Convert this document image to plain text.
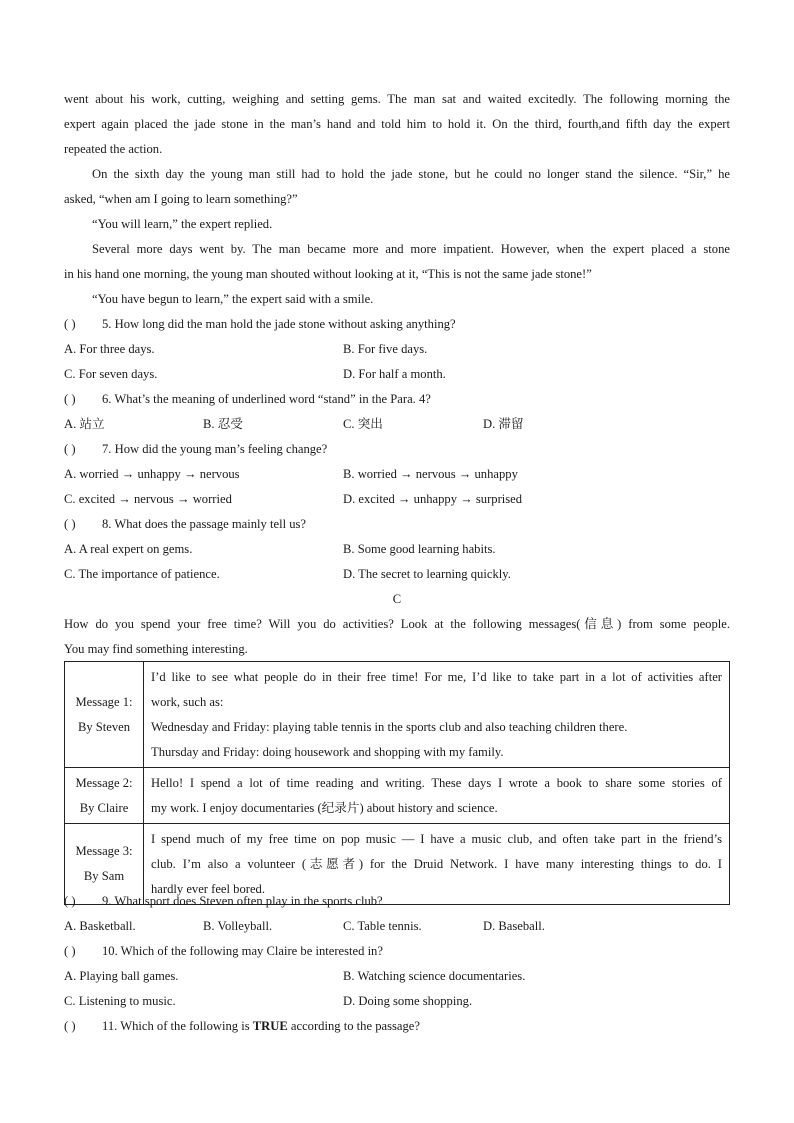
went about his work, cutting, weighing and setting gems. The man sat and waited excitedly. The following morning the
expert again placed the jade stone in the man’s hand and told him to hold it. On the third, fourth,and fifth day the expert
repeated the action.
On the sixth day the young man still had to hold the jade stone, but he could no longer stand the silence. “Sir,” he
asked, “when am I going to learn something?”
“You will learn,” the expert replied.
Several more days went by. The man became more and more impatient. However, when the expert placed a stone
in his hand one morning, the young man shouted without looking at it, “This is not the same jade stone!”
“You have begun to learn,” the expert said with a smile.
( ) 5. How long did the man hold the jade stone without asking anything?
A. For three days.	B. For five days.
C. For seven days.	D. For half a month.
( ) 6. What’s the meaning of underlined word “stand” in the Para. 4?
A. 站立	B. 忍受	C. 突出	D. 滞留
( ) 7. How did the young man’s feeling change?
A. worried → unhappy → nervous	B. worried → nervous → unhappy
C. excited → nervous → worried	D. excited → unhappy → surprised
( ) 8. What does the passage mainly tell us?
A. A real expert on gems.	B. Some good learning habits.
C. The importance of patience.	D. The secret to learning quickly.
C
How do you spend your free time? Will you do activities? Look at the following messages(信息) from some people.
You may find something interesting.
Message 1:
By Steven	I’d like to see what people do in their free time! For me, I’d like to take part in a lot of activities after
work, such as:
Wednesday and Friday: playing table tennis in the sports club and also teaching children there.
Thursday and Friday: doing housework and shopping with my family.

Message 2:
By Claire	Hello! I spend a lot of time reading and writing. These days I wrote a book to share some stories of
my work. I enjoy documentaries (纪录片) about history and science.

Message 3:
By Sam	I spend much of my free time on pop music — I have a music club, and often take part in the friend’s
club. I’m also a volunteer (志愿者) for the Druid Network. I have many interesting things to do. I
hardly ever feel bored.
( ) 9. What sport does Steven often play in the sports club?
A. Basketball.	B. Volleyball.	C. Table tennis.	D. Baseball.
( ) 10. Which of the following may Claire be interested in?
A. Playing ball games.	B. Watching science documentaries.
C. Listening to music.	D. Doing some shopping.
( ) 11. Which of the following is TRUE according to the passage?
